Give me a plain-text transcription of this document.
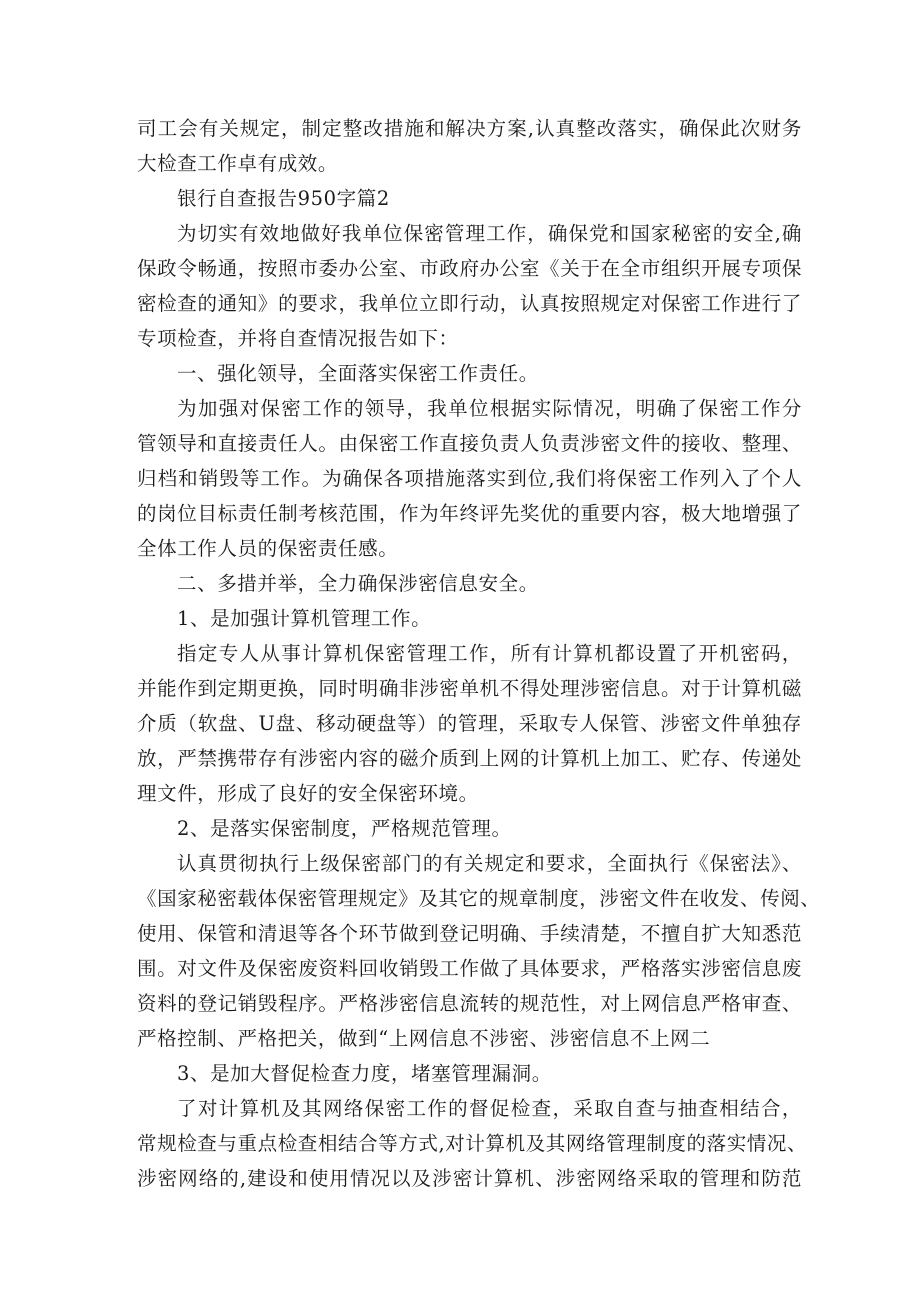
司工会有关规定，制定整改措施和解决方案,认真整改落实，确保此次财务
大检查工作卓有成效。
银行自查报告950字篇2
为切实有效地做好我单位保密管理工作，确保党和国家秘密的安全,确
保政令畅通，按照市委办公室、市政府办公室《关于在全市组织开展专项保
密检查的通知》的要求，我单位立即行动，认真按照规定对保密工作进行了
专项检查，并将自查情况报告如下：
一、强化领导，全面落实保密工作责任。
为加强对保密工作的领导，我单位根据实际情况，明确了保密工作分
管领导和直接责任人。由保密工作直接负责人负责涉密文件的接收、整理、
归档和销毁等工作。为确保各项措施落实到位,我们将保密工作列入了个人
的岗位目标责任制考核范围，作为年终评先奖优的重要内容，极大地增强了
全体工作人员的保密责任感。
二、多措并举，全力确保涉密信息安全。
1、是加强计算机管理工作。
指定专人从事计算机保密管理工作，所有计算机都设置了开机密码，
并能作到定期更换，同时明确非涉密单机不得处理涉密信息。对于计算机磁
介质（软盘、U盘、移动硬盘等）的管理，采取专人保管、涉密文件单独存
放，严禁携带存有涉密内容的磁介质到上网的计算机上加工、贮存、传递处
理文件，形成了良好的安全保密环境。
2、是落实保密制度，严格规范管理。
认真贯彻执行上级保密部门的有关规定和要求，全面执行《保密法》、
《国家秘密载体保密管理规定》及其它的规章制度，涉密文件在收发、传阅、
使用、保管和清退等各个环节做到登记明确、手续清楚，不擅自扩大知悉范
围。对文件及保密废资料回收销毁工作做了具体要求，严格落实涉密信息废
资料的登记销毁程序。严格涉密信息流转的规范性，对上网信息严格审查、
严格控制、严格把关，做到“上网信息不涉密、涉密信息不上网二
3、是加大督促检查力度，堵塞管理漏洞。
了对计算机及其网络保密工作的督促检查，采取自查与抽查相结合，
常规检查与重点检查相结合等方式,对计算机及其网络管理制度的落实情况、
涉密网络的,建设和使用情况以及涉密计算机、涉密网络采取的管理和防范
